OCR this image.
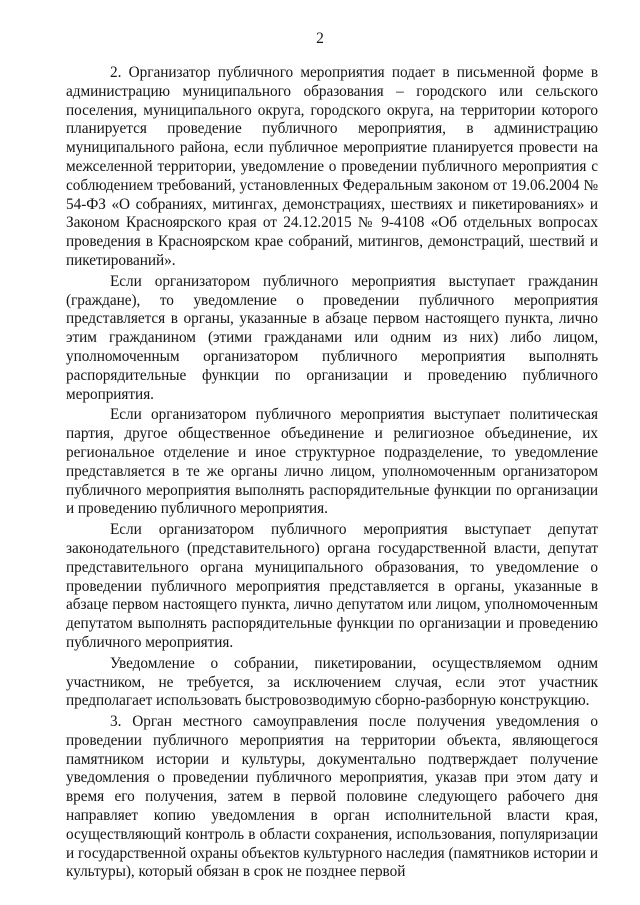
2

2. Организатор публичного мероприятия подает в письменной форме в администрацию муниципального образования – городского или сельского поселения, муниципального округа, городского округа, на территории которого планируется проведение публичного мероприятия, в администрацию муниципального района, если публичное мероприятие планируется провести на межселенной территории, уведомление о проведении публичного мероприятия с соблюдением требований, установленных Федеральным законом от 19.06.2004 № 54-ФЗ «О собраниях, митингах, демонстрациях, шествиях и пикетированиях» и Законом Красноярского края от 24.12.2015 № 9-4108 «Об отдельных вопросах проведения в Красноярском крае собраний, митингов, демонстраций, шествий и пикетирований».

Если организатором публичного мероприятия выступает гражданин (граждане), то уведомление о проведении публичного мероприятия представляется в органы, указанные в абзаце первом настоящего пункта, лично этим гражданином (этими гражданами или одним из них) либо лицом, уполномоченным организатором публичного мероприятия выполнять распорядительные функции по организации и проведению публичного мероприятия.

Если организатором публичного мероприятия выступает политическая партия, другое общественное объединение и религиозное объединение, их региональное отделение и иное структурное подразделение, то уведомление представляется в те же органы лично лицом, уполномоченным организатором публичного мероприятия выполнять распорядительные функции по организации и проведению публичного мероприятия.

Если организатором публичного мероприятия выступает депутат законодательного (представительного) органа государственной власти, депутат представительного органа муниципального образования, то уведомление о проведении публичного мероприятия представляется в органы, указанные в абзаце первом настоящего пункта, лично депутатом или лицом, уполномоченным депутатом выполнять распорядительные функции по организации и проведению публичного мероприятия.

Уведомление о собрании, пикетировании, осуществляемом одним участником, не требуется, за исключением случая, если этот участник предполагает использовать быстровозводимую сборно-разборную конструкцию.

3. Орган местного самоуправления после получения уведомления о проведении публичного мероприятия на территории объекта, являющегося памятником истории и культуры, документально подтверждает получение уведомления о проведении публичного мероприятия, указав при этом дату и время его получения, затем в первой половине следующего рабочего дня направляет копию уведомления в орган исполнительной власти края, осуществляющий контроль в области сохранения, использования, популяризации и государственной охраны объектов культурного наследия (памятников истории и культуры), который обязан в срок не позднее первой
